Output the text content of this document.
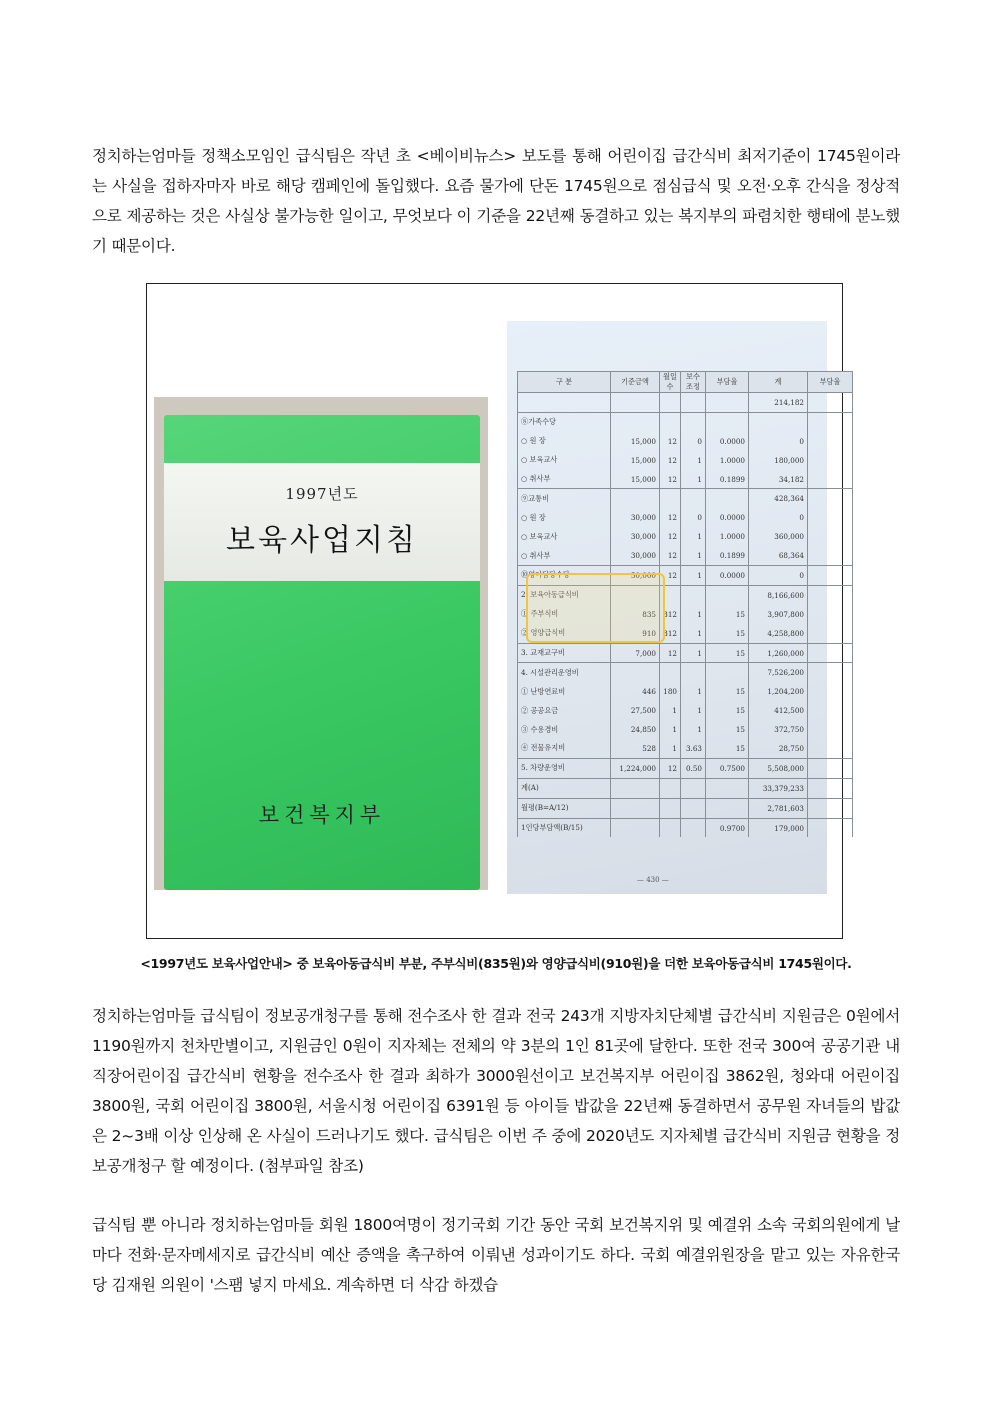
정치하는엄마들 정책소모임인 급식팀은 작년 초 <베이비뉴스> 보도를 통해 어린이집 급간식비 최저기준이 1745원이라는 사실을 접하자마자 바로 해당 캠페인에 돌입했다. 요즘 물가에 단돈 1745원으로 점심급식 및 오전·오후 간식을 정상적으로 제공하는 것은 사실상 불가능한 일이고, 무엇보다 이 기준을 22년째 동결하고 있는 복지부의 파렴치한 행태에 분노했기 때문이다.

1997년도
보육사업지침
보건복지부
구 분	기준금액	월일수	보수조정	부담율	계	부담율
					214,182	
⑧가족수당						
○ 원 장	15,000	12	0	0.0000	0	
○ 보육교사	15,000	12	1	1.0000	180,000	
○ 취사부	15,000	12	1	0.1899	34,182	
⑨교통비					428,364	
○ 원 장	30,000	12	0	0.0000	0	
○ 보육교사	30,000	12	1	1.0000	360,000	
○ 취사부	30,000	12	1	0.1899	68,364	
⑩영아담당수당	50,000	12	1	0.0000	0	
2. 보육아동급식비					8,166,600	
① 주부식비	835	312	1	15	3,907,800	
② 영양급식비	910	312	1	15	4,258,800	
3. 교재교구비	7,000	12	1	15	1,260,000	
4. 시설관리운영비					7,526,200	
① 난방연료비	446	180	1	15	1,204,200	
② 공공요금	27,500	1	1	15	412,500	
③ 수용경비	24,850	1	1	15	372,750	
④ 전물유지비	528	1	3.63	15	28,750	
5. 차량운영비	1,224,000	12	0.50	0.7500	5,508,000	
계(A)					33,379,233	
월평(B=A/12)					2,781,603	
1인당부담액(B/15)				0.9700	179,000	
— 430 —
<1997년도 보육사업안내> 중 보육아동급식비 부분, 주부식비(835원)와 영양급식비(910원)을 더한 보육아동급식비 1745원이다.

정치하는엄마들 급식팀이 정보공개청구를 통해 전수조사 한 결과 전국 243개 지방자치단체별 급간식비 지원금은 0원에서 1190원까지 천차만별이고, 지원금인 0원이 지자체는 전체의 약 3분의 1인 81곳에 달한다. 또한 전국 300여 공공기관 내 직장어린이집 급간식비 현황을 전수조사 한 결과 최하가 3000원선이고 보건복지부 어린이집 3862원, 청와대 어린이집 3800원, 국회 어린이집 3800원, 서울시청 어린이집 6391원 등 아이들 밥값을 22년째 동결하면서 공무원 자녀들의 밥값은 2~3배 이상 인상해 온 사실이 드러나기도 했다. 급식팀은 이번 주 중에 2020년도 지자체별 급간식비 지원금 현황을 정보공개청구 할 예정이다. (첨부파일 참조)

급식팀 뿐 아니라 정치하는엄마들 회원 1800여명이 정기국회 기간 동안 국회 보건복지위 및 예결위 소속 국회의원에게 날마다 전화·문자메세지로 급간식비 예산 증액을 촉구하여 이뤄낸 성과이기도 하다. 국회 예결위원장을 맡고 있는 자유한국당 김재원 의원이 '스팸 넣지 마세요. 계속하면 더 삭감 하겠습
